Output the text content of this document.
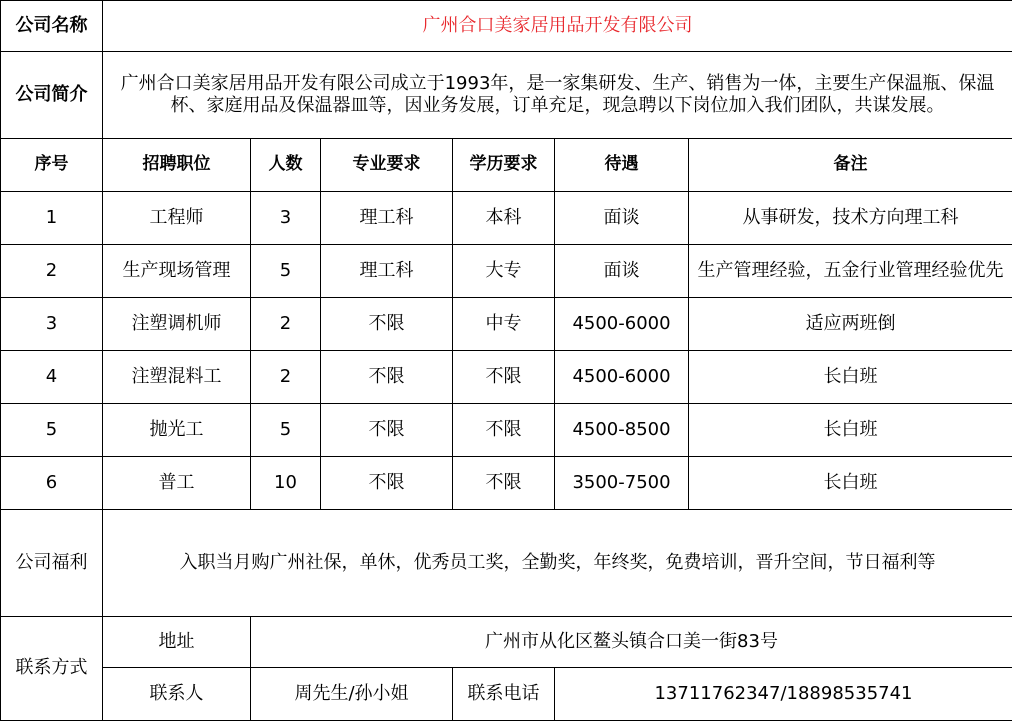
公司名称	广州合口美家居用品开发有限公司					
公司简介	广州合口美家居用品开发有限公司成立于1993年，是一家集研发、生产、销售为一体，主要生产保温瓶、保温杯、家庭用品及保温器皿等，因业务发展，订单充足，现急聘以下岗位加入我们团队，共谋发展。					
序号	招聘职位	人数	专业要求	学历要求	待遇	备注
1	工程师	3	理工科	本科	面谈	从事研发，技术方向理工科
2	生产现场管理	5	理工科	大专	面谈	生产管理经验，五金行业管理经验优先
3	注塑调机师	2	不限	中专	4500-6000	适应两班倒
4	注塑混料工	2	不限	不限	4500-6000	长白班
5	抛光工	5	不限	不限	4500-8500	长白班
6	普工	10	不限	不限	3500-7500	长白班
公司福利	入职当月购广州社保，单休，优秀员工奖，全勤奖，年终奖，免费培训，晋升空间，节日福利等					
联系方式	地址	广州市从化区鳌头镇合口美一街83号				
	联系人	周先生/孙小姐		联系电话	13711762347/18898535741	
